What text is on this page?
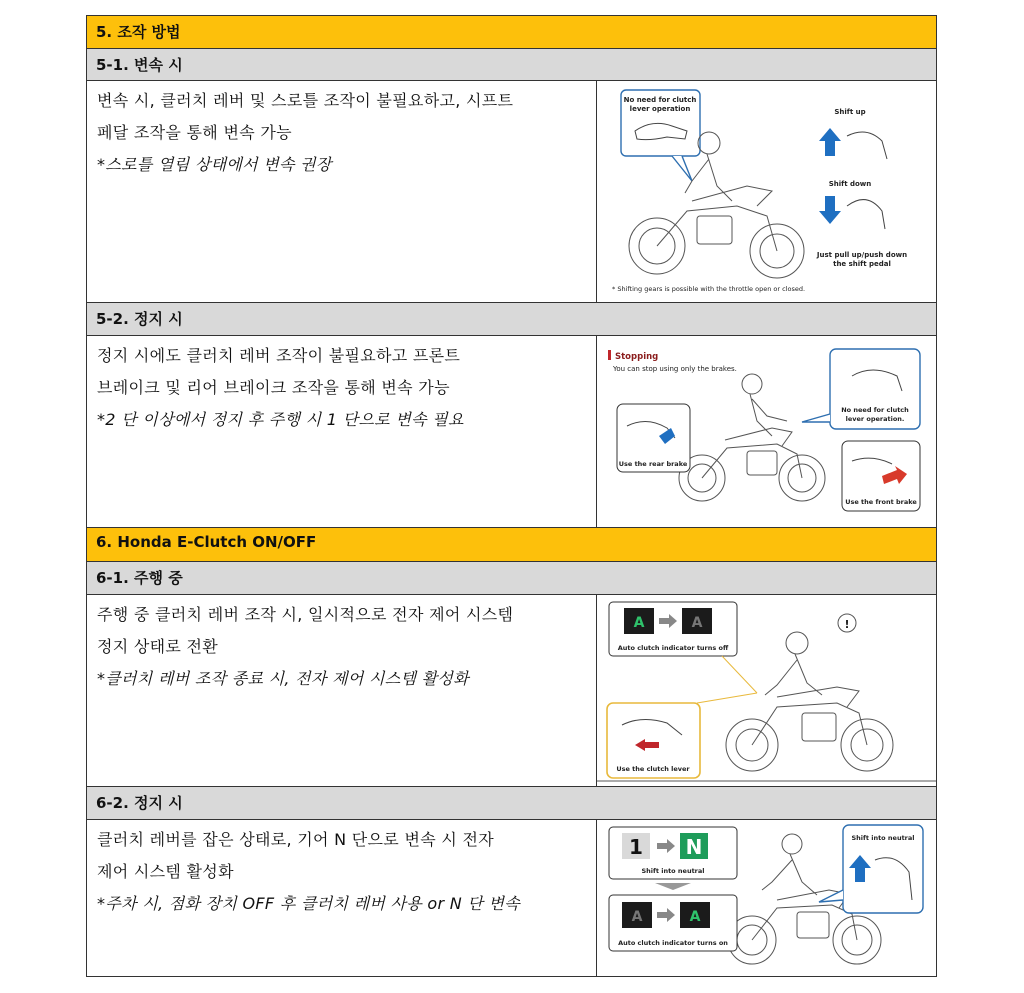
5. 조작 방법
5-1. 변속 시
변속 시, 클러치 레버 및 스로틀 조작이 불필요하고, 시프트
페달 조작을 통해 변속 가능
*스로틀 열림 상태에서 변속 권장
No need for clutch
lever operation	Shift up
Shift down
Just pull up/push down
the shift pedal
* Shifting gears is possible with the throttle open or closed.
5-2. 정지 시
정지 시에도 클러치 레버 조작이 불필요하고 프론트
브레이크 및 리어 브레이크 조작을 통해 변속 가능
*2 단 이상에서 정지 후 주행 시 1 단으로 변속 필요
Stopping
You can stop using only the brakes.
Use the rear brake
No need for clutch
lever operation.
Use the front brake
6. Honda E-Clutch ON/OFF
6-1. 주행 중
주행 중 클러치 레버 조작 시, 일시적으로 전자 제어 시스템
정지 상태로 전환
*클러치 레버 조작 종료 시, 전자 제어 시스템 활성화
A	A
Auto clutch indicator turns off
!
Use the clutch lever
6-2. 정지 시
클러치 레버를 잡은 상태로, 기어 N 단으로 변속 시 전자
제어 시스템 활성화
*주차 시, 점화 장치 OFF 후 클러치 레버 사용 or N 단 변속
1 N
Shift into neutral
A	A
Auto clutch indicator turns on
Shift into neutral
